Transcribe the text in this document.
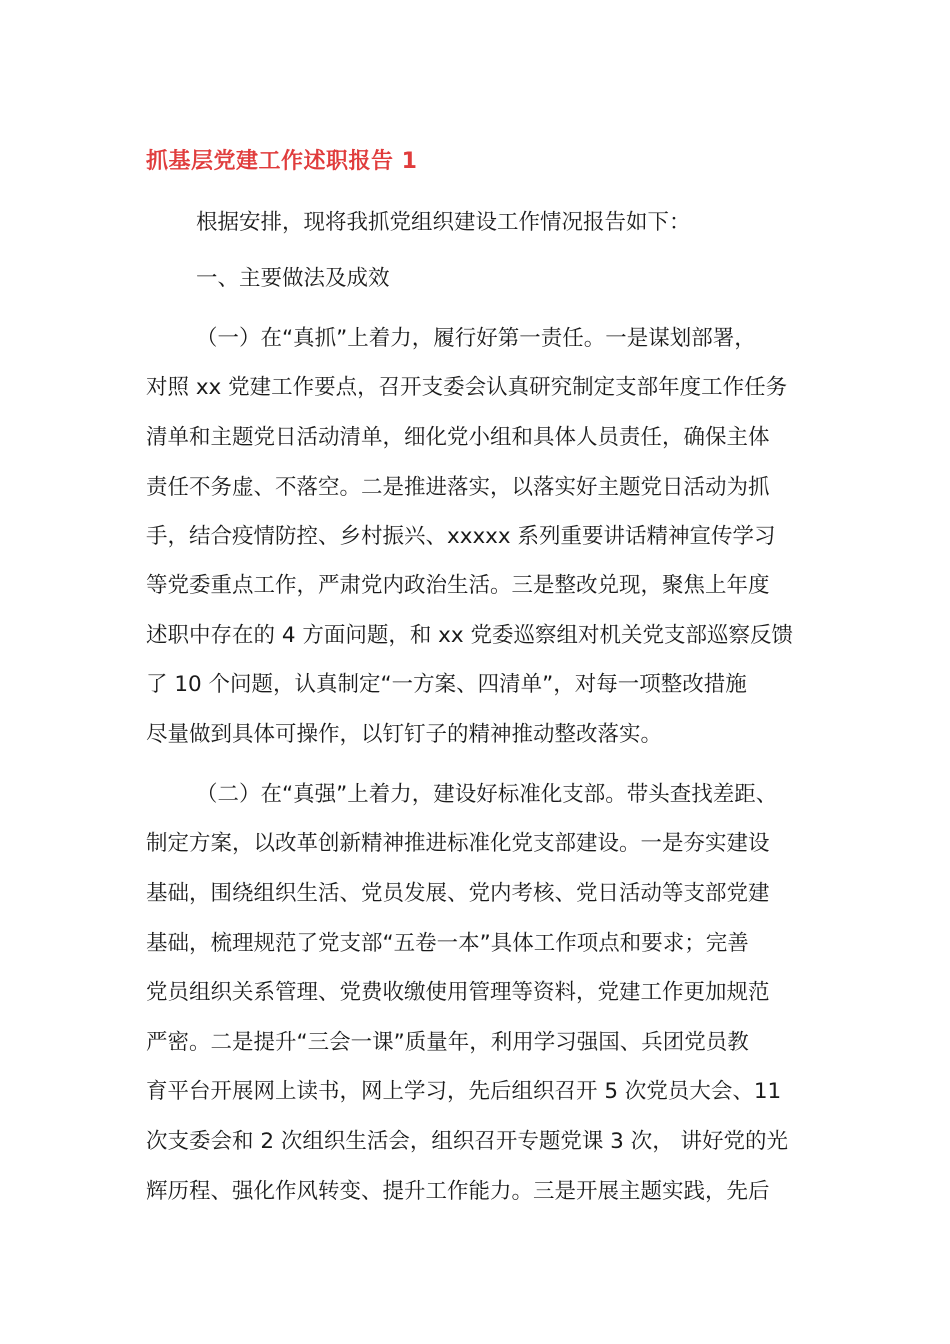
抓基层党建工作述职报告 1
根据安排，现将我抓党组织建设工作情况报告如下：
一、主要做法及成效
（一）在“真抓”上着力，履行好第一责任。一是谋划部署，
对照 xx 党建工作要点，召开支委会认真研究制定支部年度工作任务
清单和主题党日活动清单，细化党小组和具体人员责任，确保主体
责任不务虚、不落空。二是推进落实，以落实好主题党日活动为抓
手，结合疫情防控、乡村振兴、xxxxx 系列重要讲话精神宣传学习
等党委重点工作，严肃党内政治生活。三是整改兑现，聚焦上年度
述职中存在的 4 方面问题，和 xx 党委巡察组对机关党支部巡察反馈
了 10 个问题，认真制定“一方案、四清单”，对每一项整改措施
尽量做到具体可操作，以钉钉子的精神推动整改落实。
（二）在“真强”上着力，建设好标准化支部。带头查找差距、
制定方案，以改革创新精神推进标准化党支部建设。一是夯实建设
基础，围绕组织生活、党员发展、党内考核、党日活动等支部党建
基础，梳理规范了党支部“五卷一本”具体工作项点和要求；完善
党员组织关系管理、党费收缴使用管理等资料，党建工作更加规范
严密。二是提升“三会一课”质量年，利用学习强国、兵团党员教
育平台开展网上读书，网上学习，先后组织召开 5 次党员大会、11
次支委会和 2 次组织生活会，组织召开专题党课 3 次， 讲好党的光
辉历程、强化作风转变、提升工作能力。三是开展主题实践，先后
